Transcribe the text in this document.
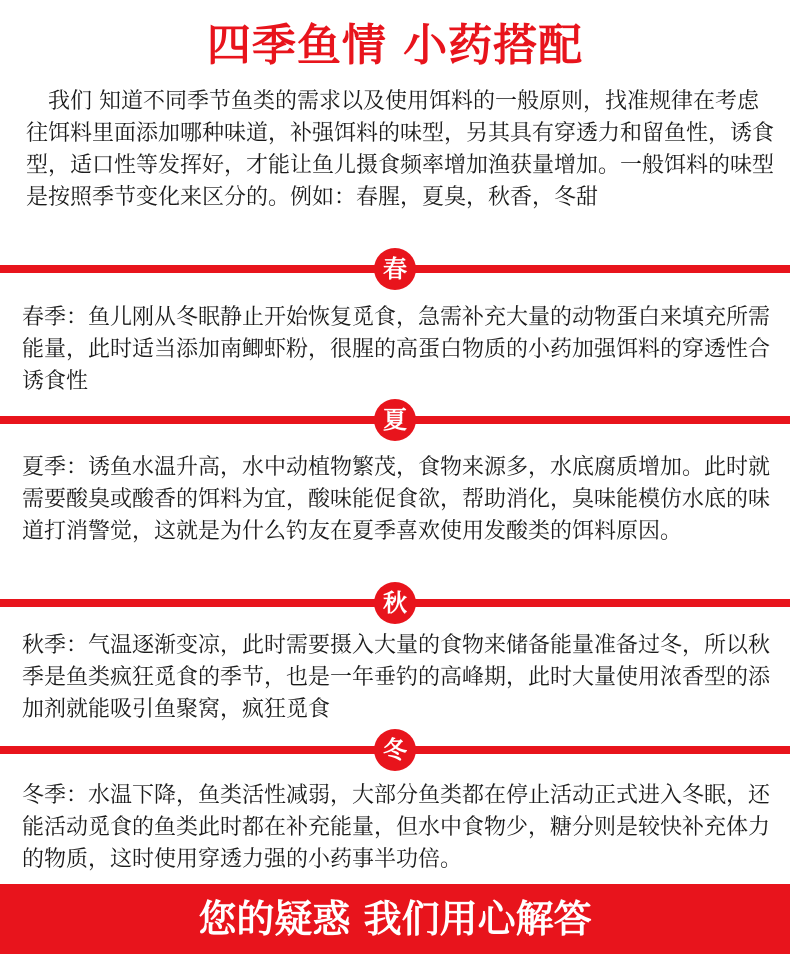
四季鱼情 小药搭配

我们 知道不同季节鱼类的需求以及使用饵料的一般原则，找准规律在考虑往饵料里面添加哪种味道，补强饵料的味型，另其具有穿透力和留鱼性，诱食型，适口性等发挥好，才能让鱼儿摄食频率增加渔获量增加。一般饵料的味型是按照季节变化来区分的。例如：春腥，夏臭，秋香，冬甜

春

春季：鱼儿刚从冬眠静止开始恢复觅食，急需补充大量的动物蛋白来填充所需能量，此时适当添加南鲫虾粉，很腥的高蛋白物质的小药加强饵料的穿透性合诱食性

夏

夏季：诱鱼水温升高，水中动植物繁茂，食物来源多，水底腐质增加。此时就需要酸臭或酸香的饵料为宜，酸味能促食欲，帮助消化，臭味能模仿水底的味道打消警觉，这就是为什么钓友在夏季喜欢使用发酸类的饵料原因。

秋

秋季：气温逐渐变凉，此时需要摄入大量的食物来储备能量准备过冬，所以秋季是鱼类疯狂觅食的季节，也是一年垂钓的高峰期，此时大量使用浓香型的添加剂就能吸引鱼聚窝，疯狂觅食

冬

冬季：水温下降，鱼类活性减弱，大部分鱼类都在停止活动正式进入冬眠，还能活动觅食的鱼类此时都在补充能量，但水中食物少，糖分则是较快补充体力的物质，这时使用穿透力强的小药事半功倍。

您的疑惑 我们用心解答
